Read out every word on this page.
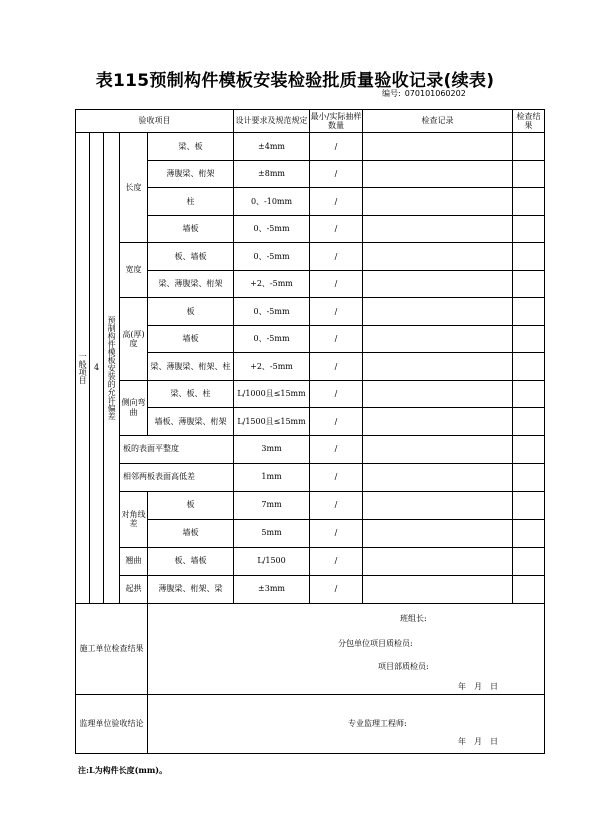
表115预制构件模板安装检验批质量验收记录(续表)
编号: 070101060202
验收项目					设计要求及规范规定	最小/实际抽样数量	检查记录	检查结果

一般项目	4	预制构件模板安装的允许偏差	长度	梁、板	±4mm	/		
				薄腹梁、桁架	±8mm	/		
				柱	0、-10mm	/		
				墙板	0、-5mm	/		
			宽度	板、墙板	0、-5mm	/		
				梁、薄腹梁、桁架	+2、-5mm	/		
			高(厚)度	板	0、-5mm	/		
				墙板	0、-5mm	/		
				梁、薄腹梁、桁架、柱	+2、-5mm	/		
			侧向弯曲	梁、板、柱	L/1000且≤15mm	/		
				墙板、薄腹梁、桁架	L/1500且≤15mm	/		
			板的表面平整度		3mm	/		
			相邻两板表面高低差		1mm	/		
			对角线差	板	7mm	/		
				墙板	5mm	/		
			翘曲	板、墙板	L/1500	/		
			起拱	薄腹梁、桁架、梁	±3mm	/		
施工单位检查结果				班组长:
分包单位项目质检员:
项目部质检员:
年　月　日				

监理单位验收结论				专业监理工程师:
年　月　日				
注:L为构件长度(mm)。
